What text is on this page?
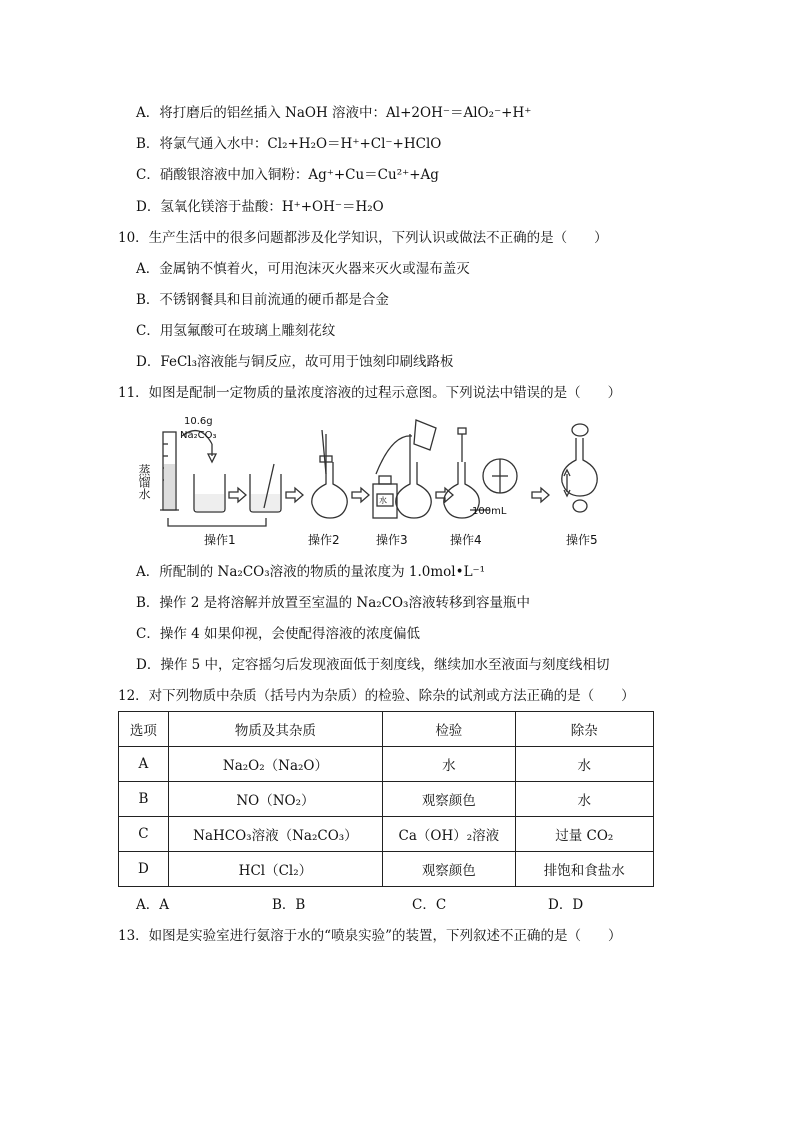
A．将打磨后的铝丝插入 NaOH 溶液中：Al+2OH⁻＝AlO₂⁻+H⁺
B．将氯气通入水中：Cl₂+H₂O＝H⁺+Cl⁻+HClO
C．硝酸银溶液中加入铜粉：Ag⁺+Cu＝Cu²⁺+Ag
D．氢氧化镁溶于盐酸：H⁺+OH⁻＝H₂O
10．生产生活中的很多问题都涉及化学知识，下列认识或做法不正确的是（　　）
A．金属钠不慎着火，可用泡沫灭火器来灭火或湿布盖灭
B．不锈钢餐具和目前流通的硬币都是合金
C．用氢氟酸可在玻璃上雕刻花纹
D．FeCl₃溶液能与铜反应，故可用于蚀刻印刷线路板
11．如图是配制一定物质的量浓度溶液的过程示意图。下列说法中错误的是（　　）
10.6g
Na₂CO₃
水
100mL
操作1	操作2	操作3	操作4	操作5
蒸馏水
A．所配制的 Na₂CO₃溶液的物质的量浓度为 1.0mol•L⁻¹
B．操作 2 是将溶解并放置至室温的 Na₂CO₃溶液转移到容量瓶中
C．操作 4 如果仰视，会使配得溶液的浓度偏低
D．操作 5 中，定容摇匀后发现液面低于刻度线，继续加水至液面与刻度线相切
12．对下列物质中杂质（括号内为杂质）的检验、除杂的试剂或方法正确的是（　　）
选项	物质及其杂质	检验	除杂
A	Na₂O₂（Na₂O）	水	水
B	NO（NO₂）	观察颜色	水
C	NaHCO₃溶液（Na₂CO₃）	Ca（OH）₂溶液	过量 CO₂
D	HCl（Cl₂）	观察颜色	排饱和食盐水
A．A	B．B	C．C	D．D
13．如图是实验室进行氨溶于水的“喷泉实验”的装置，下列叙述不正确的是（　　）
